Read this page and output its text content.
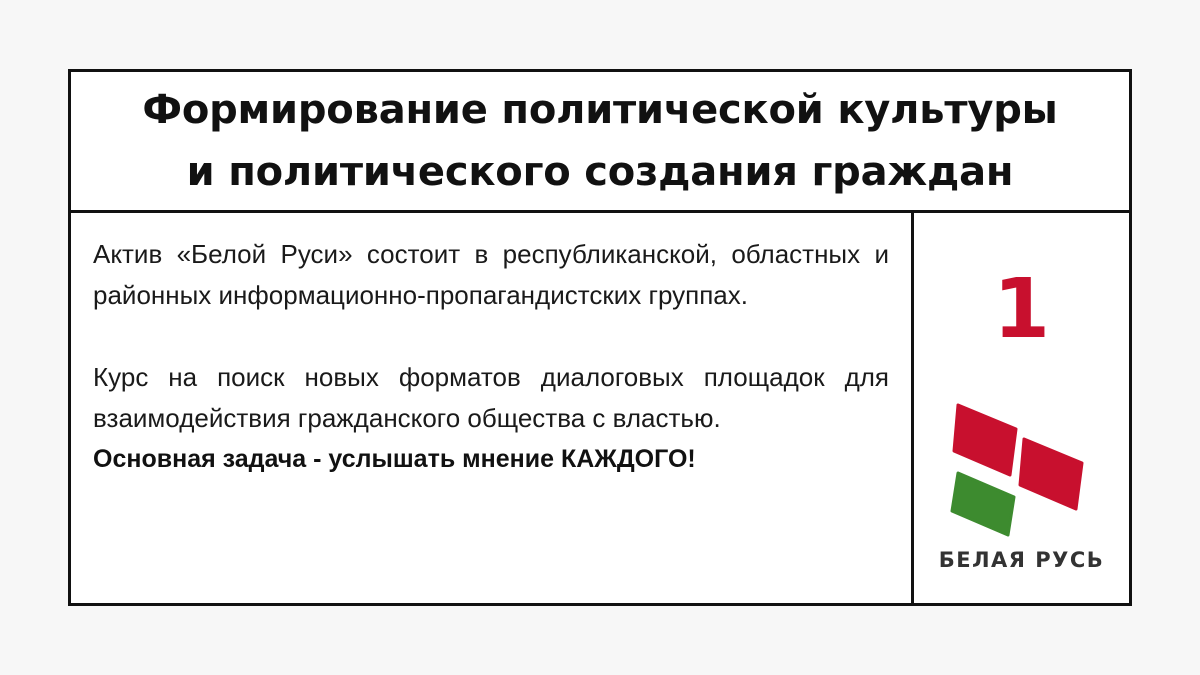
Формирование политической культуры
и политического создания граждан

Актив «Белой Руси» состоит в республиканской, областных и районных информационно-пропагандистских группах.

Курс на поиск новых форматов диалоговых площадок для взаимодействия гражданского общества с властью.

Основная задача - услышать мнение КАЖДОГО!

1
БЕЛАЯ РУСЬ
